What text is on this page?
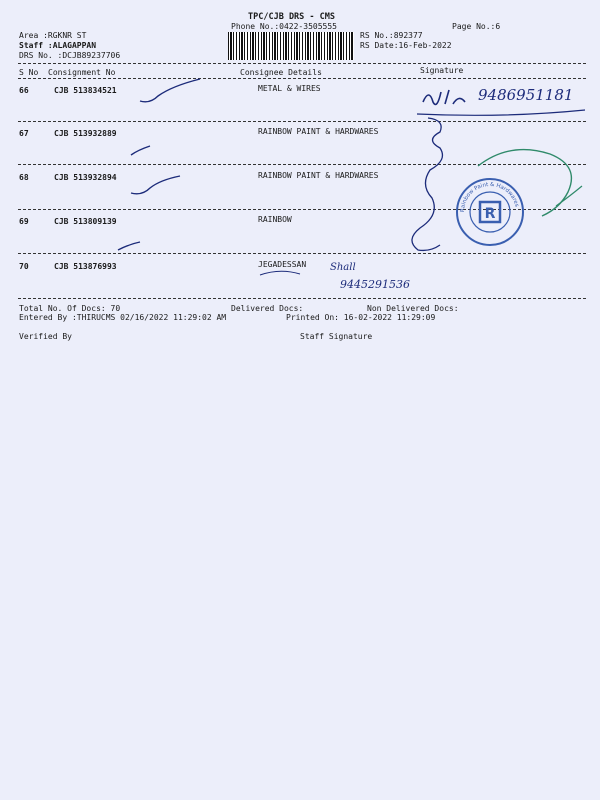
TPC/CJB DRS - CMS
Phone No.:0422-3505555	Page No.:6
Area :RGKNR ST
Staff :ALAGAPPAN
DRS No. :DCJB89237706
RS No.:892377
RS Date:16-Feb-2022
S No Consignment No	Consignee Details	Signature
66	CJB 513834521	METAL & WIRES
67	CJB 513932889	RAINBOW PAINT & HARDWARES
68	CJB 513932894	RAINBOW PAINT & HARDWARES
69	CJB 513809139	RAINBOW
70	CJB 513876993	JEGADESSAN
Total No. Of Docs: 70	Delivered Docs:	Non Delivered Docs:
Entered By :THIRUCMS 02/16/2022 11:29:02 AM	Printed On: 16-02-2022 11:29:09
Verified By	Staff Signature
9486951181
Shall
9445291536
R
Rainbow Paint & Hardwares
